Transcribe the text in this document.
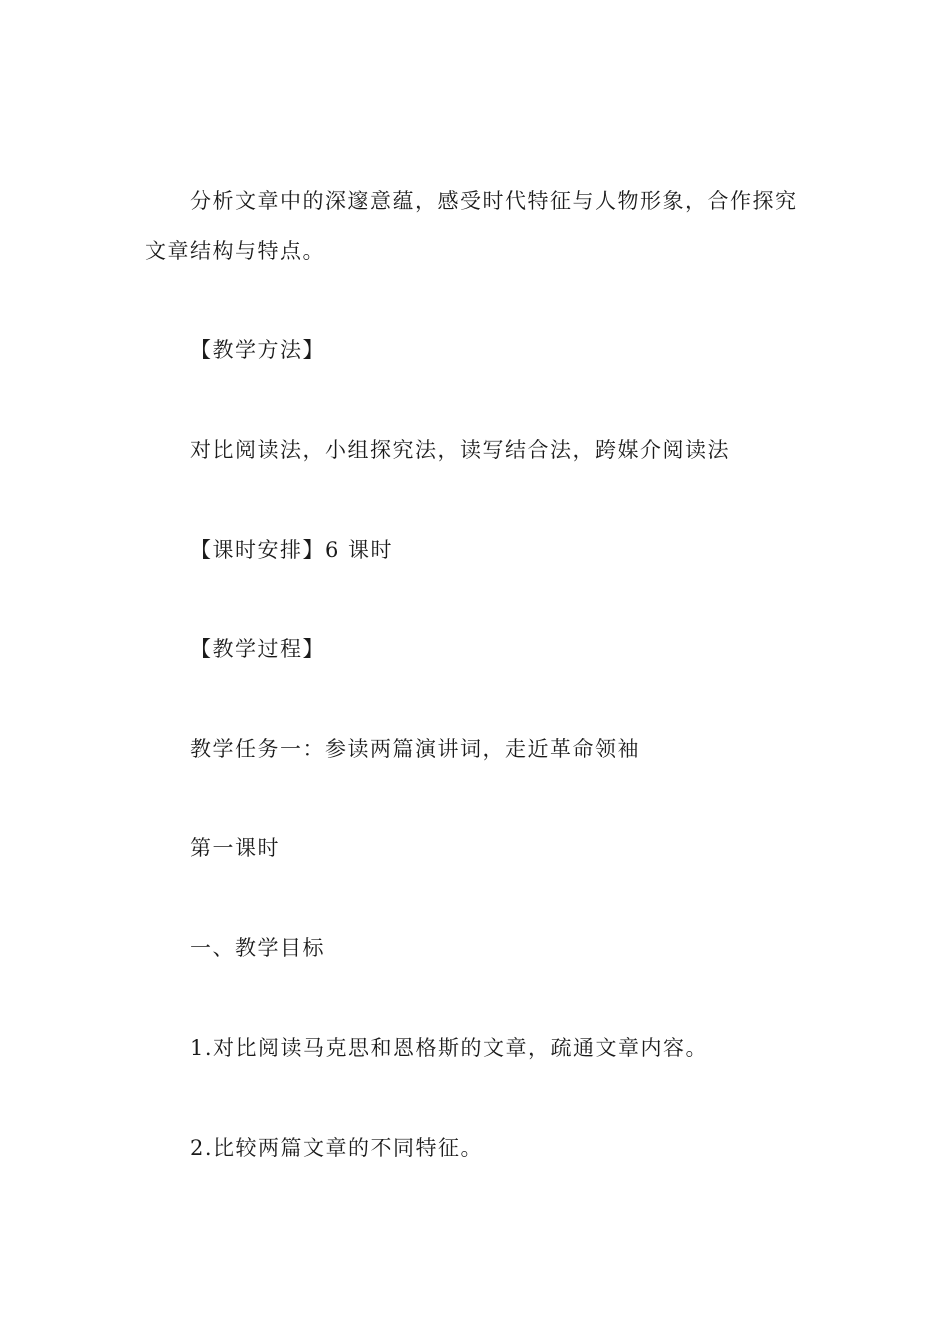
分析文章中的深邃意蕴，感受时代特征与人物形象，合作探究
文章结构与特点。
【教学方法】
对比阅读法，小组探究法，读写结合法，跨媒介阅读法
【课时安排】6 课时
【教学过程】
教学任务一：参读两篇演讲词，走近革命领袖
第一课时
一、教学目标
1.对比阅读马克思和恩格斯的文章，疏通文章内容。
2.比较两篇文章的不同特征。
